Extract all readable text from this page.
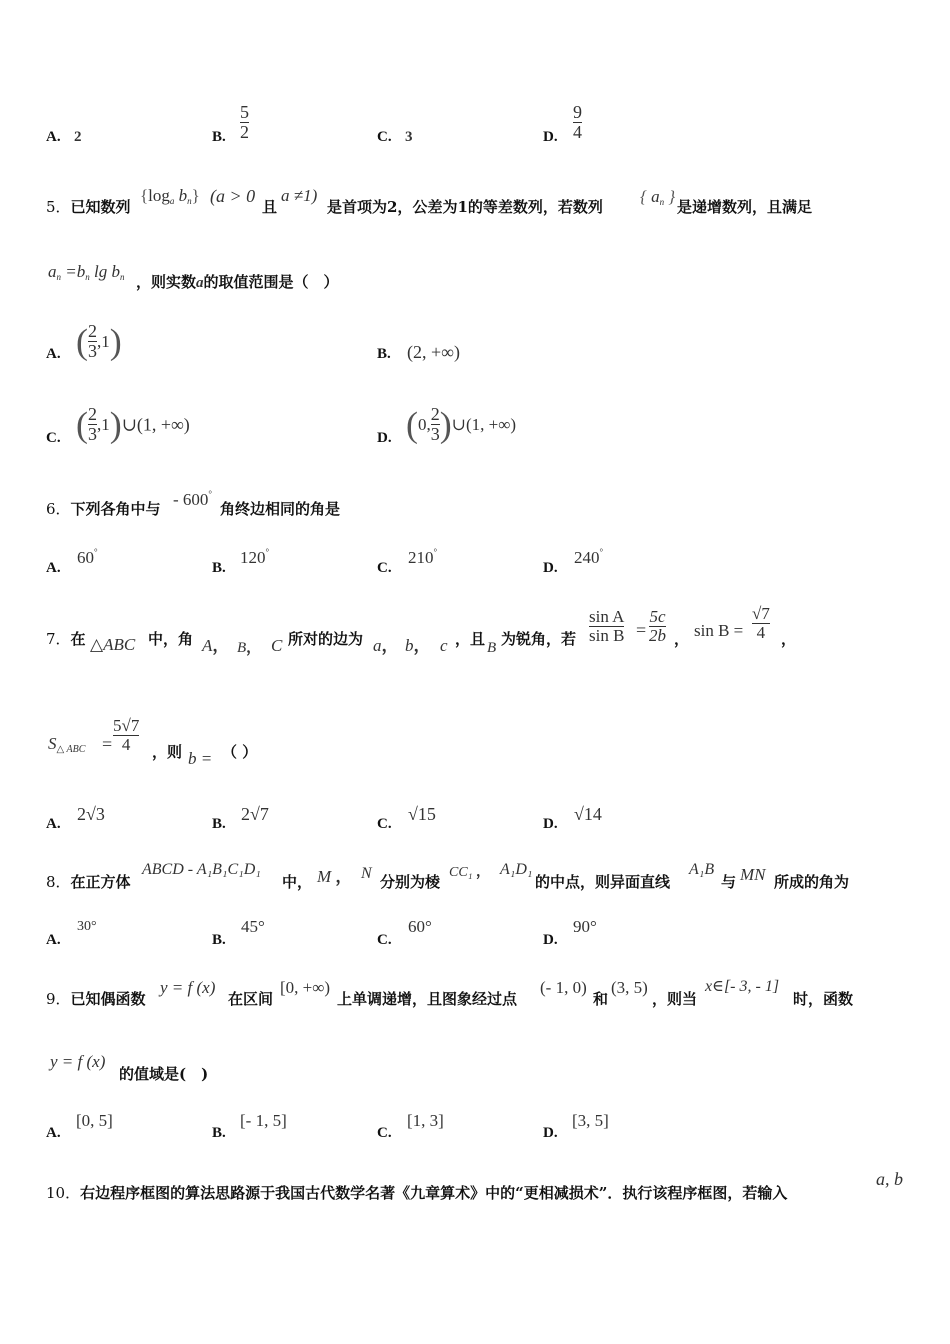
A. 2	B. $\frac{5}{2}$	C. 3	D. $\frac{9}{4}$
5．已知数列
{$\log_a$ $b_n$} (a > 0
且
a ≠1)
是首项为2，公差为1的等差数列，若数列
{ $a_n$ }
是递增数列，且满足
$a_n =b_n$ $\lg b_n$ ，则实数a的取值范围是（　）
A. ( $\frac{2}{3} ,1$)	B. (2, +∞)
C. ( $\frac{2}{3}$ ,1)∪(1, +∞)
D. (0, $\frac{2}{3}$ )∪(1, +∞)
6．下列各角中与 - 600°
角终边相同的角是
A.
60°
B.
120°
C.
210°
D.
240°
7．在 △ABC 中，角 A， B， C 所对的边为 a， b， c ，且 B 为锐角，若 $\frac{\text{sin A}}{\text{sin B}} = \frac{5c}{2b}$ ， $\sin B = \frac{√7}{4}$ ，
$S_{\triangle ABC} = \frac{5√7}{4}$ ，则 b = （ ）
A. 2√3	B. 2√7	C. √15	D. √14
8．在正方体
ABCD - A₁B₁C₁D₁
中， M ， N 分别为棱
CC₁ ， A₁D₁
的中点，则异面直线
A₁B
与 MN 所成的角为
A.
30°
B.
45°
C.
60°
D.
90°
9．已知偶函数
y = f (x)
在区间
[0, +∞)
上单调递增，且图象经过点
(- 1, 0)
和
(3, 5)
，则当
x∈[- 3, - 1]
时，函数
y = f (x)
的值域是(　)
A.
[0, 5]
B.
[- 1, 5]
C.
[1, 3]
D.
[3, 5]
10．右边程序框图的算法思路源于我国古代数学名著《九章算术》中的“更相减损术”．执行该程序框图，若输入
a, b
